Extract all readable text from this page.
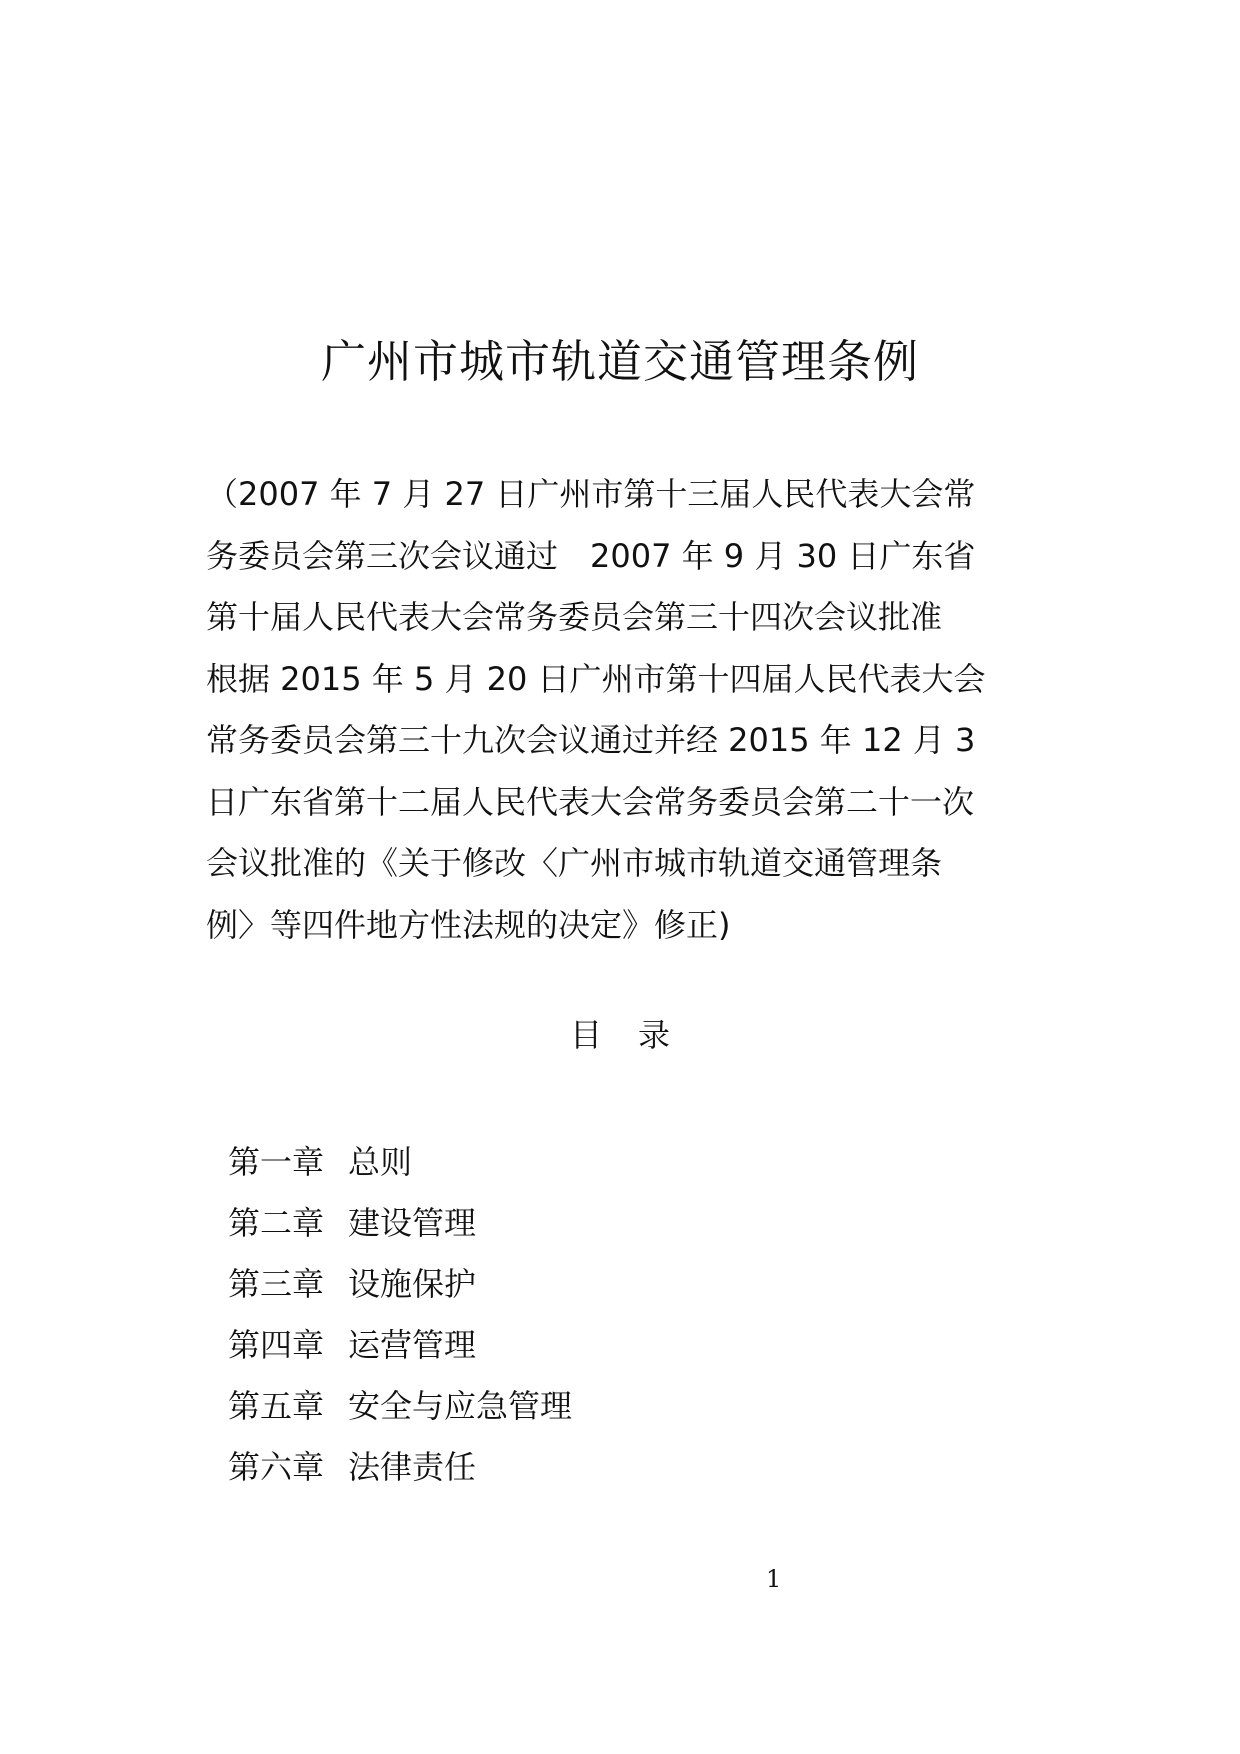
广州市城市轨道交通管理条例
（2007 年 7 月 27 日广州市第十三届人民代表大会常
务委员会第三次会议通过　2007 年 9 月 30 日广东省
第十届人民代表大会常务委员会第三十四次会议批准
根据 2015 年 5 月 20 日广州市第十四届人民代表大会
常务委员会第三十九次会议通过并经 2015 年 12 月 3
日广东省第十二届人民代表大会常务委员会第二十一次
会议批准的《关于修改〈广州市城市轨道交通管理条
例〉等四件地方性法规的决定》修正)
目 录
第一章 总则
第二章 建设管理
第三章 设施保护
第四章 运营管理
第五章 安全与应急管理
第六章 法律责任
1
